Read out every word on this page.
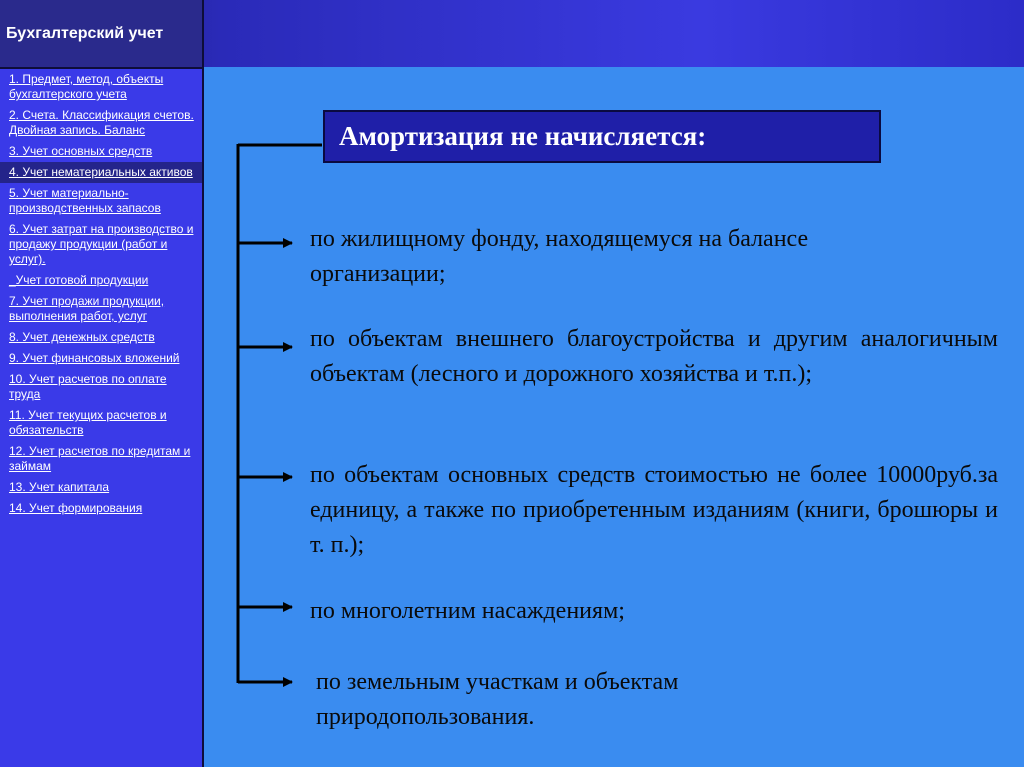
Бухгалтерский учет
1. Предмет, метод, объекты бухгалтерского учета
2. Счета. Классификация счетов. Двойная запись. Баланс
3. Учет основных средств
4. Учет нематериальных активов
5. Учет материально-производственных запасов
6. Учет затрат на производство и продажу продукции (работ и услуг).
_Учет готовой продукции
7. Учет продажи продукции, выполнения работ, услуг
8. Учет денежных средств
9. Учет финансовых вложений
10. Учет расчетов по оплате труда
11. Учет текущих расчетов и обязательств
12. Учет расчетов по кредитам и займам
13. Учет капитала
14. Учет формирования
Амортизация не начисляется:
по жилищному фонду, находящемуся на балансе организации;
по объектам внешнего благоустройства и другим аналогичным объектам (лесного и дорожного хозяйства и т.п.);
по объектам основных средств стоимостью не более 10000руб.за единицу, а также по приобретенным изданиям (книги, брошюры и т. п.);
по многолетним насаждениям;
по земельным участкам и объектам природопользования.
